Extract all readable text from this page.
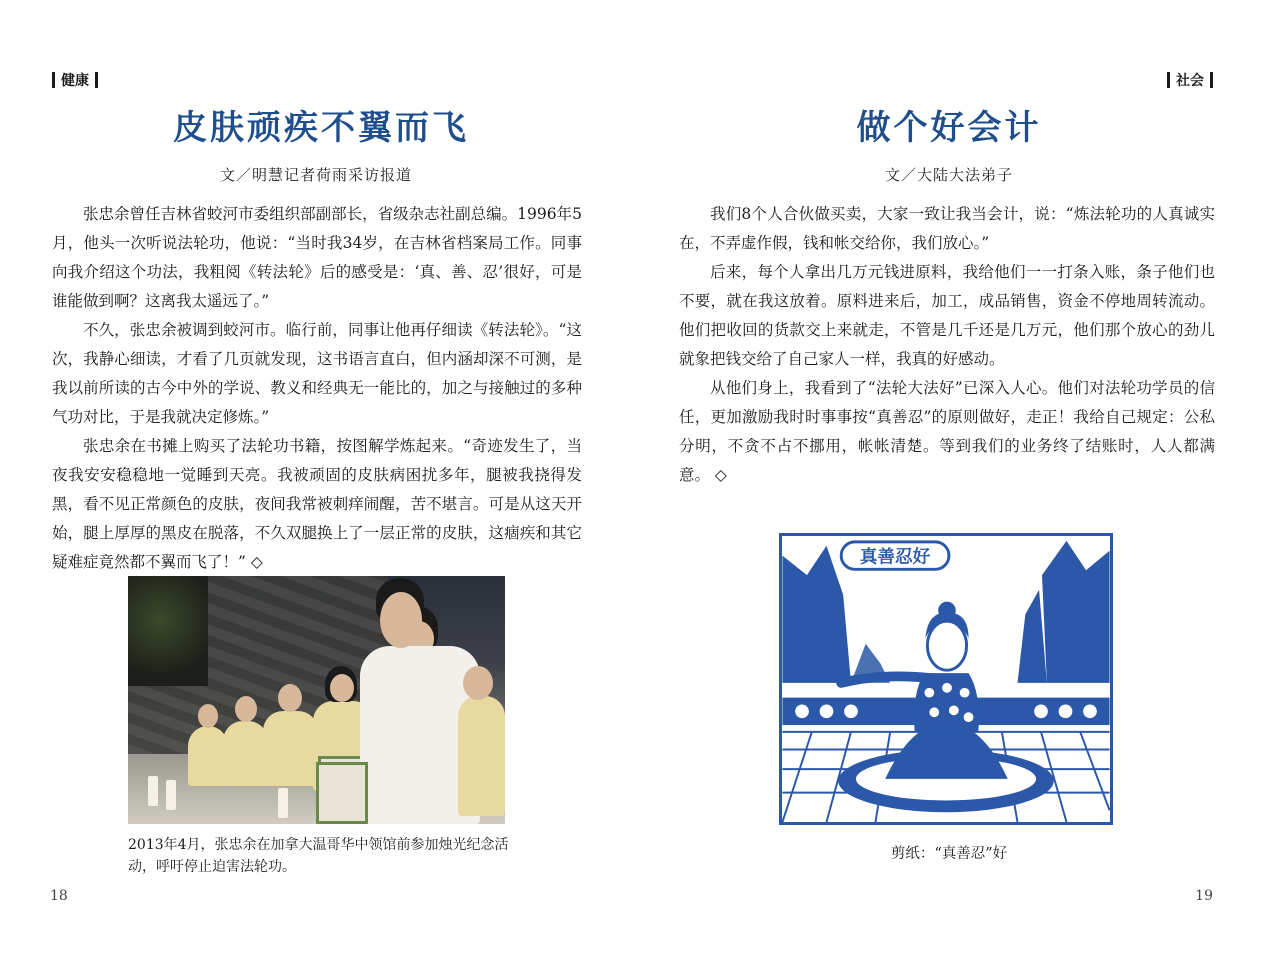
健康
皮肤顽疾不翼而飞
文／明慧记者荷雨采访报道

张忠余曾任吉林省蛟河市委组织部副部长，省级杂志社副总编。1996年5月，他头一次听说法轮功，他说：“当时我34岁，在吉林省档案局工作。同事向我介绍这个功法，我粗阅《转法轮》后的感受是：‘真、善、忍’很好，可是谁能做到啊？这离我太遥远了。”

不久，张忠余被调到蛟河市。临行前，同事让他再仔细读《转法轮》。“这次，我静心细读，才看了几页就发现，这书语言直白，但内涵却深不可测，是我以前所读的古今中外的学说、教义和经典无一能比的，加之与接触过的多种气功对比，于是我就决定修炼。”

张忠余在书摊上购买了法轮功书籍，按图解学炼起来。“奇迹发生了，当夜我安安稳稳地一觉睡到天亮。我被顽固的皮肤病困扰多年，腿被我挠得发黑，看不见正常颜色的皮肤，夜间我常被刺痒闹醒，苦不堪言。可是从这天开始，腿上厚厚的黑皮在脱落，不久双腿换上了一层正常的皮肤，这痼疾和其它疑难症竟然都不翼而飞了！” ◇

2013年4月，张忠余在加拿大温哥华中领馆前参加烛光纪念活动，呼吁停止迫害法轮功。
18
社会
做个好会计
文／大陆大法弟子

我们8个人合伙做买卖，大家一致让我当会计，说：“炼法轮功的人真诚实在，不弄虚作假，钱和帐交给你，我们放心。”

后来，每个人拿出几万元钱进原料，我给他们一一打条入账，条子他们也不要，就在我这放着。原料进来后，加工，成品销售，资金不停地周转流动。他们把收回的货款交上来就走，不管是几千还是几万元，他们那个放心的劲儿就象把钱交给了自己家人一样，我真的好感动。

从他们身上，我看到了“法轮大法好”已深入人心。他们对法轮功学员的信任，更加激励我时时事事按“真善忍”的原则做好，走正！我给自己规定：公私分明，不贪不占不挪用，帐帐清楚。等到我们的业务终了结账时，人人都满意。 ◇

真善忍好
剪纸：“真善忍”好
19
